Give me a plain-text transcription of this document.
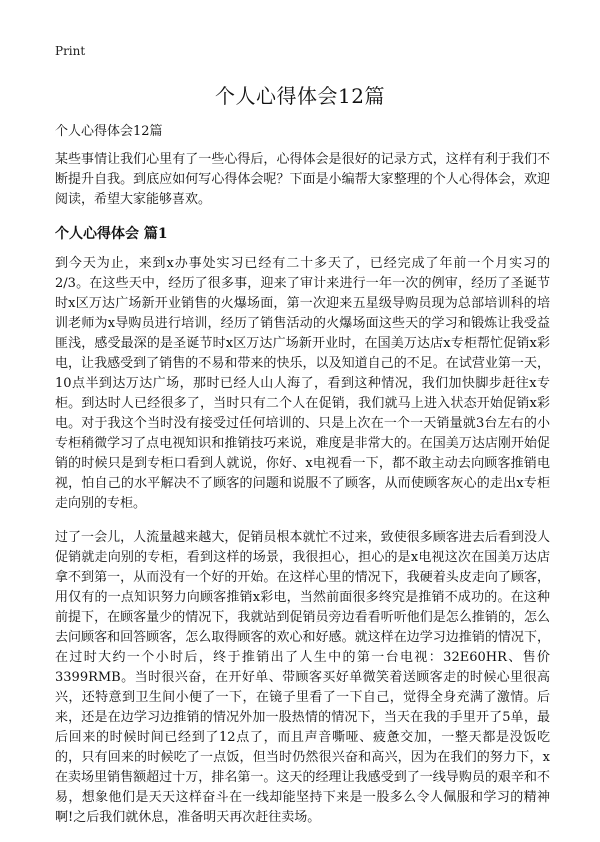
Print
个人心得体会12篇
个人心得体会12篇

某些事情让我们心里有了一些心得后，心得体会是很好的记录方式，这样有利于我们不断提升自我。到底应如何写心得体会呢？下面是小编帮大家整理的个人心得体会，欢迎阅读，希望大家能够喜欢。

个人心得体会 篇1

到今天为止，来到x办事处实习已经有二十多天了，已经完成了年前一个月实习的2/3。在这些天中，经历了很多事，迎来了审计来进行一年一次的例审，经历了圣诞节时x区万达广场新开业销售的火爆场面，第一次迎来五星级导购员现为总部培训科的培训老师为x导购员进行培训，经历了销售活动的火爆场面这些天的学习和锻炼让我受益匪浅，感受最深的是圣诞节时x区万达广场新开业时，在国美万达店x专柜帮忙促销x彩电，让我感受到了销售的不易和带来的快乐，以及知道自己的不足。在试营业第一天，10点半到达万达广场，那时已经人山人海了，看到这种情况，我们加快脚步赶往x专柜。到达时人已经很多了，当时只有二个人在促销，我们就马上进入状态开始促销x彩电。对于我这个当时没有接受过任何培训的、只是上次在一个一天销量就3台左右的小专柜稍微学习了点电视知识和推销技巧来说，难度是非常大的。在国美万达店刚开始促销的时候只是到专柜口看到人就说，你好、x电视看一下，都不敢主动去向顾客推销电视，怕自己的水平解决不了顾客的问题和说服不了顾客，从而使顾客灰心的走出x专柜走向别的专柜。

过了一会儿，人流量越来越大，促销员根本就忙不过来，致使很多顾客进去后看到没人促销就走向别的专柜，看到这样的场景，我很担心，担心的是x电视这次在国美万达店拿不到第一，从而没有一个好的开始。在这样心里的情况下，我硬着头皮走向了顾客，用仅有的一点知识努力向顾客推销x彩电，当然前面很多终究是推销不成功的。在这种前提下，在顾客量少的情况下，我就站到促销员旁边看看听听他们是怎么推销的，怎么去问顾客和回答顾客，怎么取得顾客的欢心和好感。就这样在边学习边推销的情况下，在过时大约一个小时后，终于推销出了人生中的第一台电视：32E60HR、售价3399RMB。当时很兴奋，在开好单、带顾客买好单微笑着送顾客走的时候心里很高兴，还特意到卫生间小便了一下，在镜子里看了一下自己，觉得全身充满了激情。后来，还是在边学习边推销的情况外加一股热情的情况下，当天在我的手里开了5单，最后回来的时候时间已经到了12点了，而且声音嘶哑、疲惫交加，一整天都是没饭吃的，只有回来的时候吃了一点饭，但当时仍然很兴奋和高兴，因为在我们的努力下，x在卖场里销售额超过十万，排名第一。这天的经理让我感受到了一线导购员的艰辛和不易，想象他们是天天这样奋斗在一线却能坚持下来是一股多么令人佩服和学习的精神啊!之后我们就休息，准备明天再次赶往卖场。
